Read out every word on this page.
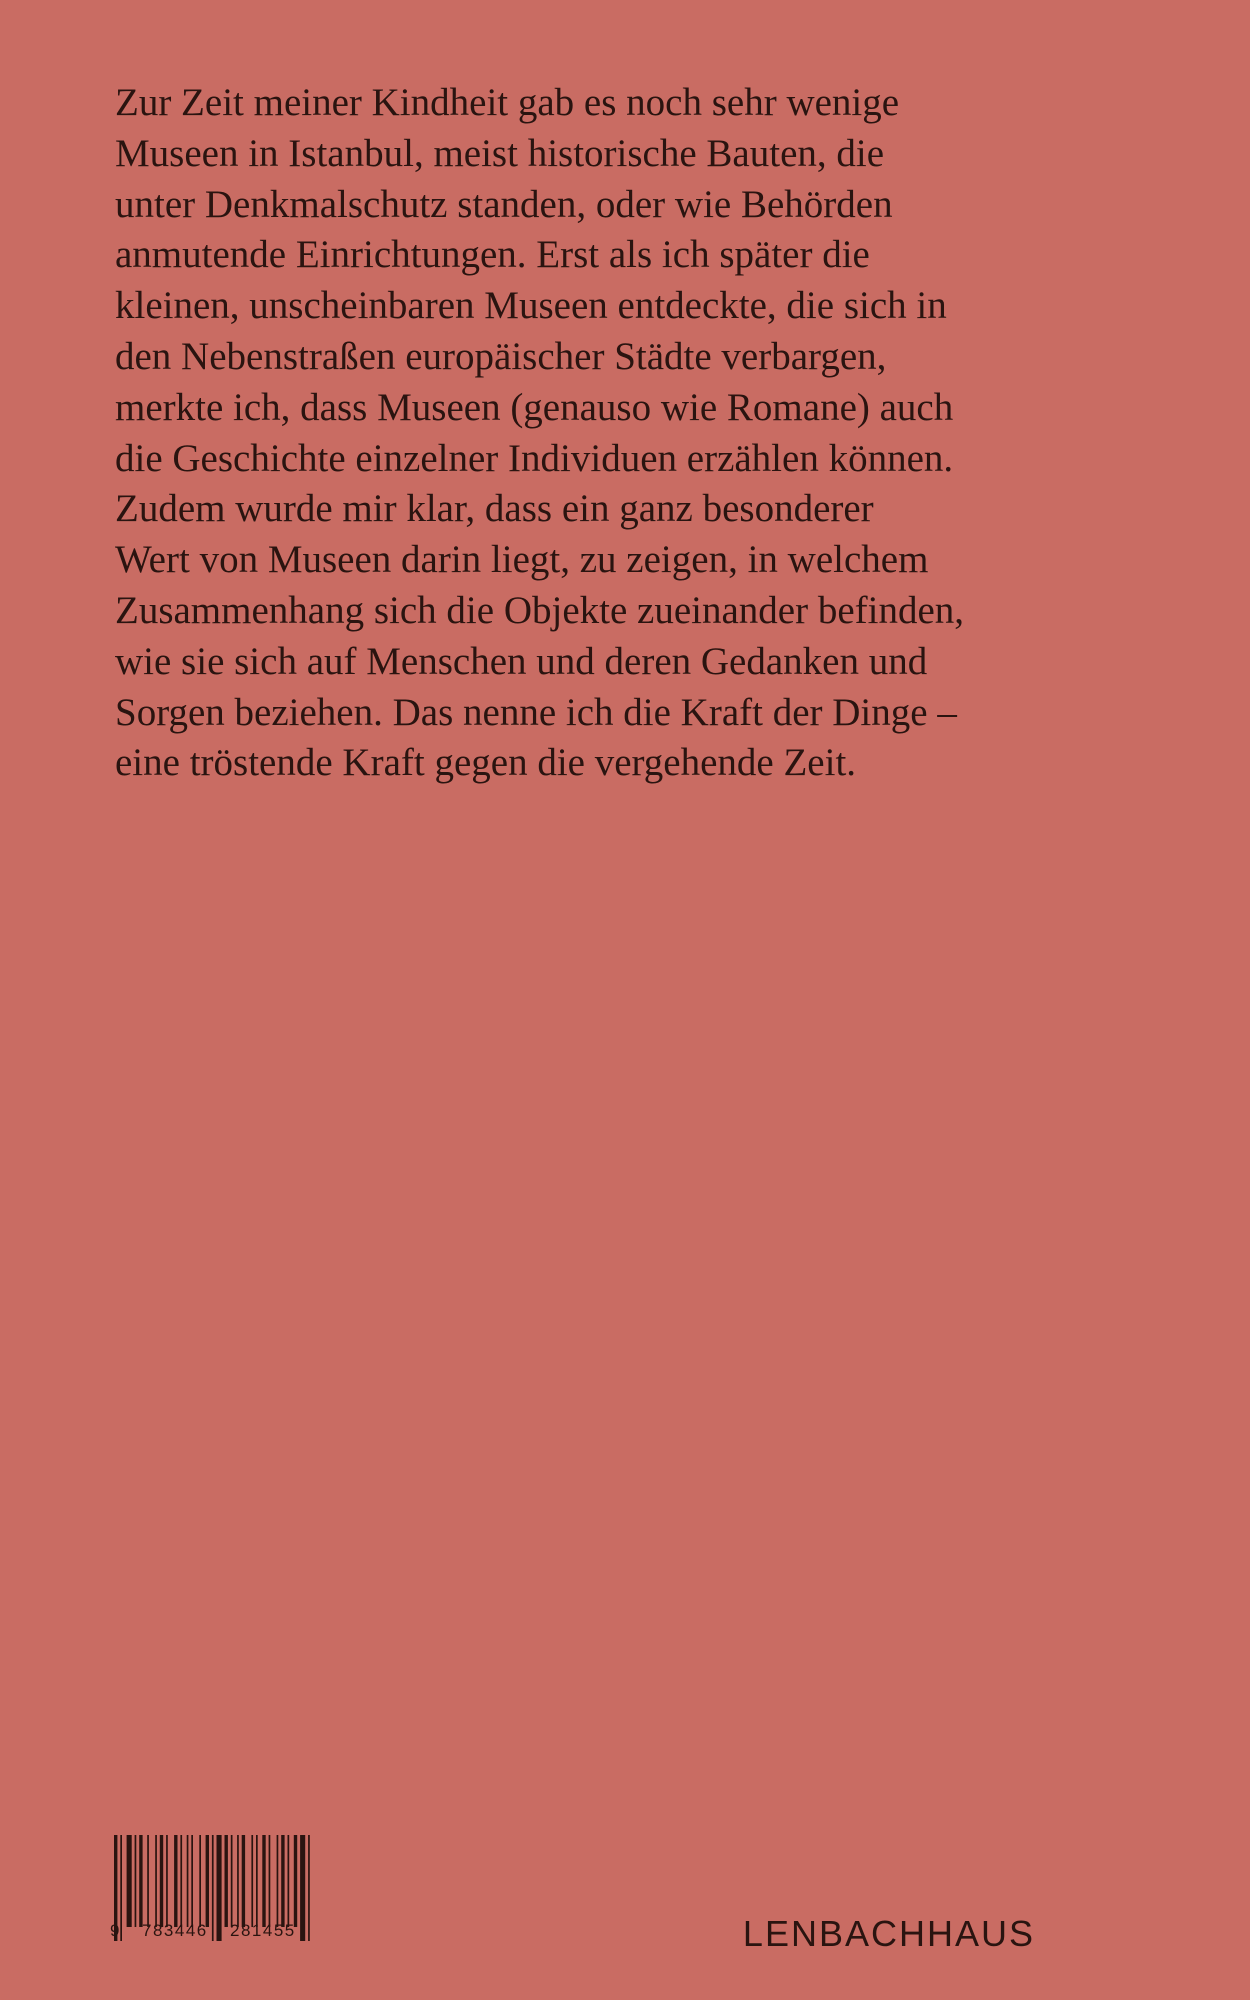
Zur Zeit meiner Kindheit gab es noch sehr wenige
Museen in Istanbul, meist historische Bauten, die
unter Denkmalschutz standen, oder wie Behörden
anmutende Einrichtungen. Erst als ich später die
kleinen, unscheinbaren Museen entdeckte, die sich in
den Nebenstraßen europäischer Städte verbargen,
merkte ich, dass Museen (genauso wie Romane) auch
die Geschichte einzelner Individuen erzählen können.
Zudem wurde mir klar, dass ein ganz besonderer
Wert von Museen darin liegt, zu zeigen, in welchem
Zusammenhang sich die Objekte zueinander befinden,
wie sie sich auf Menschen und deren Gedanken und
Sorgen beziehen. Das nenne ich die Kraft der Dinge –
eine tröstende Kraft gegen die vergehende Zeit.
9 783446 281455	LENBACHHAUS
